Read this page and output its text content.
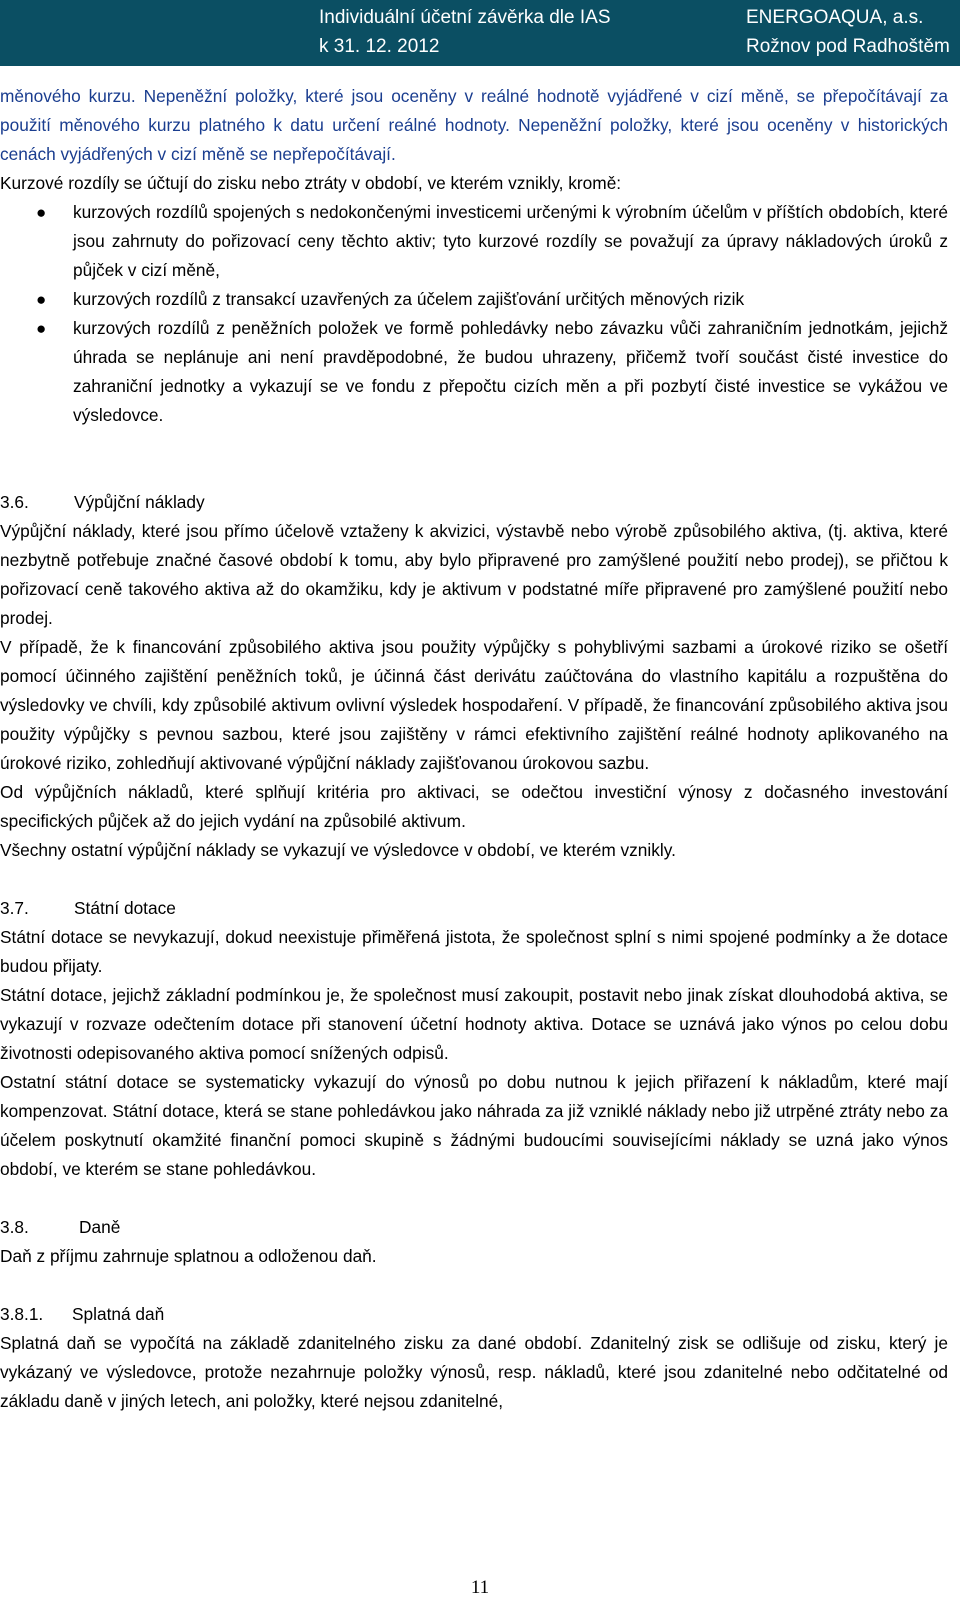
Individuální účetní závěrka dle IAS
k 31. 12. 2012
ENERGOAQUA, a.s.
Rožnov pod Radhoštěm

měnového kurzu. Nepeněžní položky, které jsou oceněny v reálné hodnotě vyjádřené v cizí měně, se přepočítávají za použití měnového kurzu platného k datu určení reálné hodnoty. Nepeněžní položky, které jsou oceněny v historických cenách vyjádřených v cizí měně se nepřepočítávají.

Kurzové rozdíly se účtují do zisku nebo ztráty v období, ve kterém vznikly, kromě:

● kurzových rozdílů spojených s nedokončenými investicemi určenými k výrobním účelům v příštích obdobích, které jsou zahrnuty do pořizovací ceny těchto aktiv; tyto kurzové rozdíly se považují za úpravy nákladových úroků z půjček v cizí měně,
● kurzových rozdílů z transakcí uzavřených za účelem zajišťování určitých měnových rizik
● kurzových rozdílů z peněžních položek ve formě pohledávky nebo závazku vůči zahraničním jednotkám, jejichž úhrada se neplánuje ani není pravděpodobné, že budou uhrazeny, přičemž tvoří součást čisté investice do zahraniční jednotky a vykazují se ve fondu z přepočtu cizích měn a při pozbytí čisté investice se vykážou ve výsledovce.

3.6.	Výpůjční náklady

Výpůjční náklady, které jsou přímo účelově vztaženy k akvizici, výstavbě nebo výrobě způsobilého aktiva, (tj. aktiva, které nezbytně potřebuje značné časové období k tomu, aby bylo připravené pro zamýšlené použití nebo prodej), se přičtou k pořizovací ceně takového aktiva až do okamžiku, kdy je aktivum v podstatné míře připravené pro zamýšlené použití nebo prodej.

V případě, že k financování způsobilého aktiva jsou použity výpůjčky s pohyblivými sazbami a úrokové riziko se ošetří pomocí účinného zajištění peněžních toků, je účinná část derivátu zaúčtována do vlastního kapitálu a rozpuštěna do výsledovky ve chvíli, kdy způsobilé aktivum ovlivní výsledek hospodaření. V případě, že financování způsobilého aktiva jsou použity výpůjčky s pevnou sazbou, které jsou zajištěny v rámci efektivního zajištění reálné hodnoty aplikovaného na úrokové riziko, zohledňují aktivované výpůjční náklady zajišťovanou úrokovou sazbu.

Od výpůjčních nákladů, které splňují kritéria pro aktivaci, se odečtou investiční výnosy z dočasného investování specifických půjček až do jejich vydání na způsobilé aktivum.

Všechny ostatní výpůjční náklady se vykazují ve výsledovce v období, ve kterém vznikly.

3.7.	Státní dotace

Státní dotace se nevykazují, dokud neexistuje přiměřená jistota, že společnost splní s nimi spojené podmínky a že dotace budou přijaty.

Státní dotace, jejichž základní podmínkou je, že společnost musí zakoupit, postavit nebo jinak získat dlouhodobá aktiva, se vykazují v rozvaze odečtením dotace při stanovení účetní hodnoty aktiva. Dotace se uznává jako výnos po celou dobu životnosti odepisovaného aktiva pomocí snížených odpisů.

Ostatní státní dotace se systematicky vykazují do výnosů po dobu nutnou k jejich přiřazení k nákladům, které mají kompenzovat. Státní dotace, která se stane pohledávkou jako náhrada za již vzniklé náklady nebo již utrpěné ztráty nebo za účelem poskytnutí okamžité finanční pomoci skupině s žádnými budoucími souvisejícími náklady se uzná jako výnos období, ve kterém se stane pohledávkou.

3.8.	Daně

Daň z příjmu zahrnuje splatnou a odloženou daň.

3.8.1. Splatná daň

Splatná daň se vypočítá na základě zdanitelného zisku za dané období. Zdanitelný zisk se odlišuje od zisku, který je vykázaný ve výsledovce, protože nezahrnuje položky výnosů, resp. nákladů, které jsou zdanitelné nebo odčitatelné od základu daně v jiných letech, ani položky, které nejsou zdanitelné,

11
